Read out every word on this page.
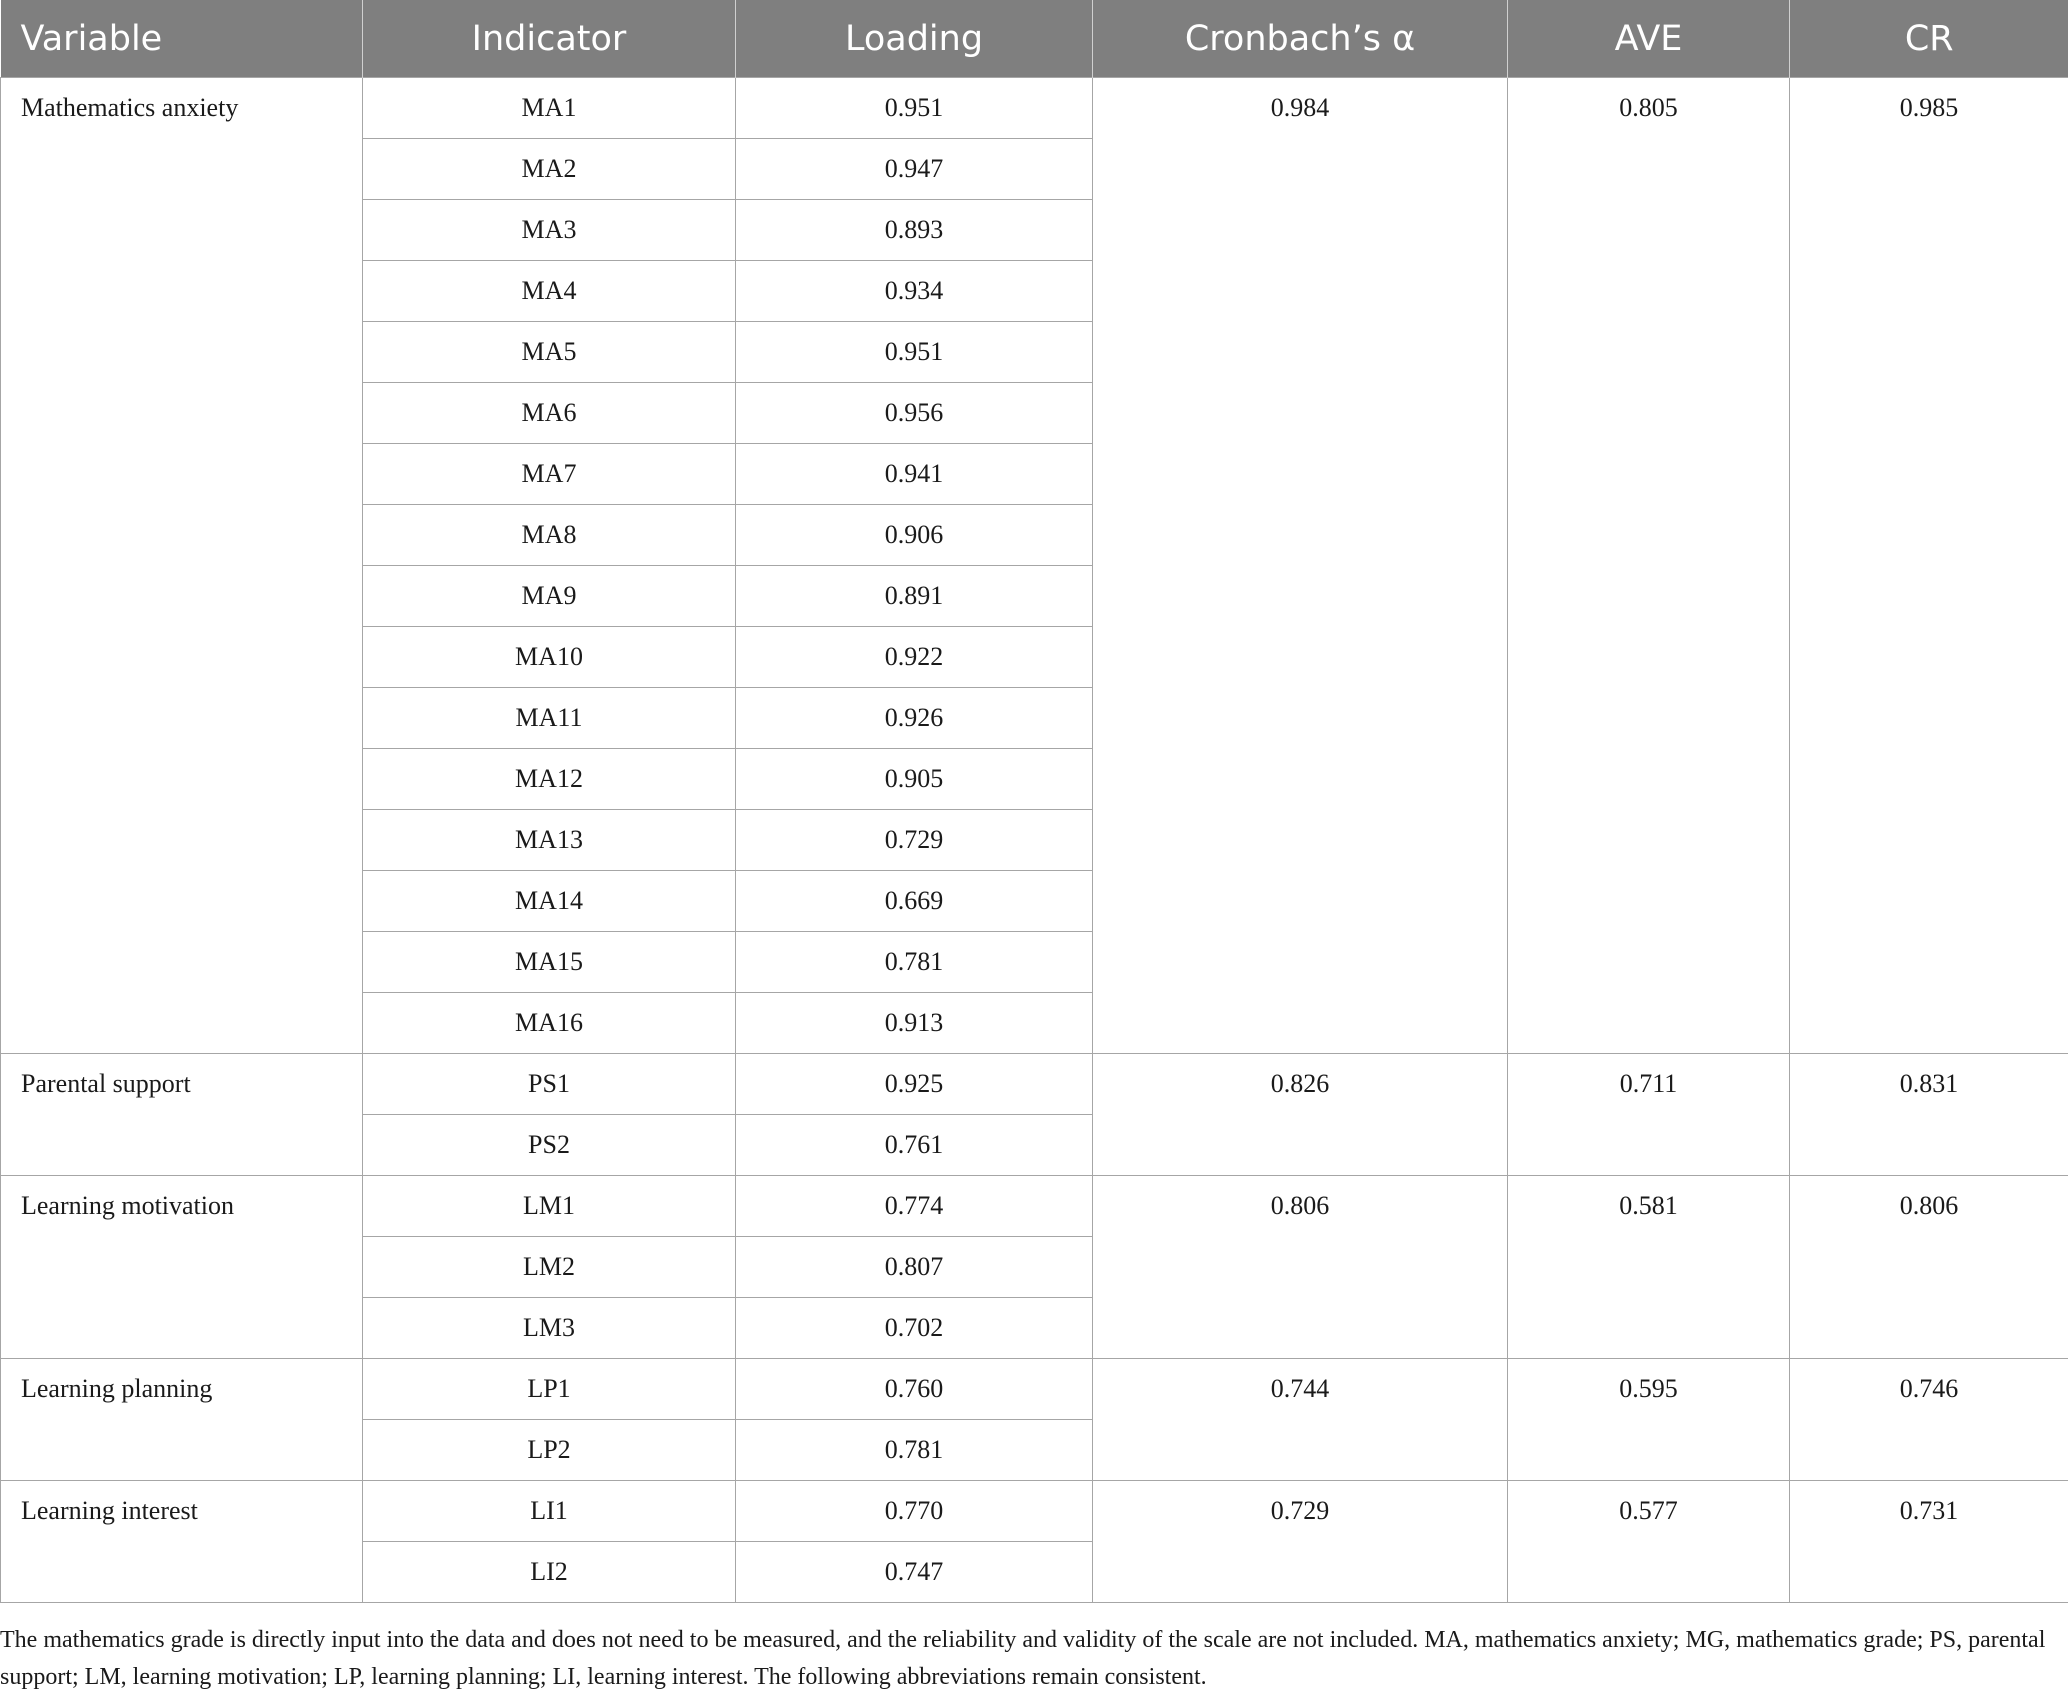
Variable	Indicator	Loading	Cronbach’s α	AVE	CR
Mathematics anxiety	MA1	0.951	0.984	0.805	0.985
	MA2	0.947			
	MA3	0.893			
	MA4	0.934			
	MA5	0.951			
	MA6	0.956			
	MA7	0.941			
	MA8	0.906			
	MA9	0.891			
	MA10	0.922			
	MA11	0.926			
	MA12	0.905			
	MA13	0.729			
	MA14	0.669			
	MA15	0.781			
	MA16	0.913			
Parental support	PS1	0.925	0.826	0.711	0.831
	PS2	0.761			
Learning motivation	LM1	0.774	0.806	0.581	0.806
	LM2	0.807			
	LM3	0.702			
Learning planning	LP1	0.760	0.744	0.595	0.746
	LP2	0.781			
Learning interest	LI1	0.770	0.729	0.577	0.731
	LI2	0.747			
The mathematics grade is directly input into the data and does not need to be measured, and the reliability and validity of the scale are not included. MA, mathematics anxiety; MG, mathematics grade; PS, parental support; LM, learning motivation; LP, learning planning; LI, learning interest. The following abbreviations remain consistent.
